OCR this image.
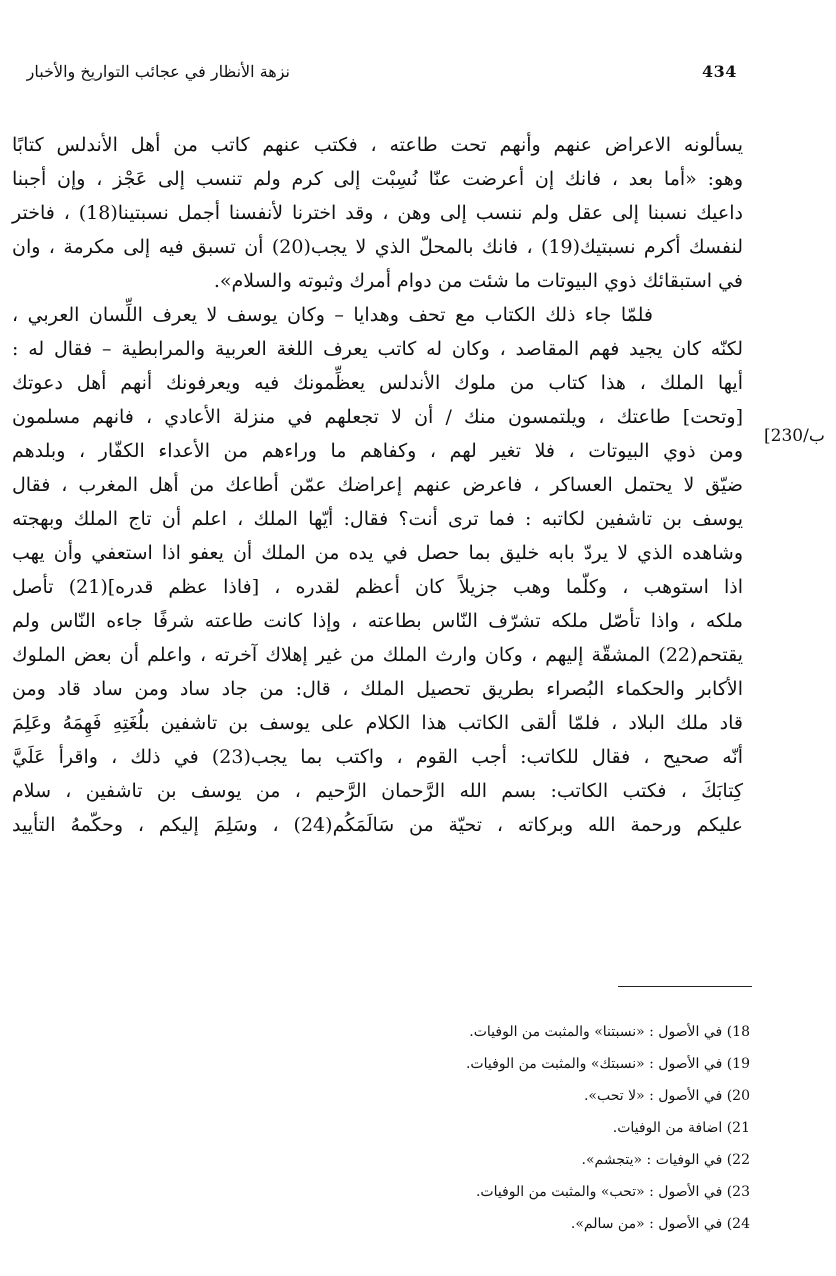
نزهة الأنظار في عجائب التواريخ والأخبار	434
[230/ب
يسألونه الاعراض عنهم وأنهم تحت طاعته ، فكتب عنهم كاتب من أهل الأندلس كتابًا
وهو: «أما بعد ، فانك إن أعرضت عنّا نُسِبْت إلى كرم ولم تنسب إلى عَجْز ، وإن أجبنا
داعيك نسبنا إلى عقل ولم ننسب إلى وهن ، وقد اخترنا لأنفسنا أجمل نسبتينا(18) ، فاختر
لنفسك أكرم نسبتيك(19) ، فانك بالمحلّ الذي لا يجب(20) أن تسبق فيه إلى مكرمة ، وان
في استبقائك ذوي البيوتات ما شئت من دوام أمرك وثبوته والسلام».
فلمّا جاء ذلك الكتاب مع تحف وهدايا – وكان يوسف لا يعرف اللِّسان العربي ،
لكنّه كان يجيد فهم المقاصد ، وكان له كاتب يعرف اللغة العربية والمرابطية – فقال له :
أيها الملك ، هذا كتاب من ملوك الأندلس يعظِّمونك فيه ويعرفونك أنهم أهل دعوتك
[وتحت] طاعتك ، ويلتمسون منك / أن لا تجعلهم في منزلة الأعادي ، فانهم مسلمون
ومن ذوي البيوتات ، فلا تغير لهم ، وكفاهم ما وراءهم من الأعداء الكفّار ، وبلدهم
ضيّق لا يحتمل العساكر ، فاعرض عنهم إعراضك عمّن أطاعك من أهل المغرب ، فقال
يوسف بن تاشفين لكاتبه : فما ترى أنت؟ فقال: أيّها الملك ، اعلم أن تاج الملك وبهجته
وشاهده الذي لا يردّ بابه خليق بما حصل في يده من الملك أن يعفو اذا استعفي وأن يهب
اذا استوهب ، وكلّما وهب جزيلاً كان أعظم لقدره ، [فاذا عظم قدره](21) تأصل
ملكه ، واذا تأصّل ملكه تشرّف النّاس بطاعته ، وإذا كانت طاعته شرفًا جاءه النّاس ولم
يقتحم(22) المشقّة إليهم ، وكان وارث الملك من غير إهلاك آخرته ، واعلم أن بعض الملوك
الأكابر والحكماء البُصراء بطريق تحصيل الملك ، قال: من جاد ساد ومن ساد قاد ومن
قاد ملك البلاد ، فلمّا ألقى الكاتب هذا الكلام على يوسف بن تاشفين بلُغَتِهِ فَهِمَهُ وعَلِمَ
أنّه صحيح ، فقال للكاتب: أجب القوم ، واكتب بما يجب(23) في ذلك ، واقرأ عَلَيَّ
كِتابَكَ ، فكتب الكاتب: بسم الله الرَّحمان الرَّحيم ، من يوسف بن تاشفين ، سلام
عليكم ورحمة الله وبركاته ، تحيّة من سَالَمَكُم(24) ، وسَلِمَ إليكم ، وحكّمهُ التأييد
18) في الأصول : «نسبتنا» والمثبت من الوفيات.
19) في الأصول : «نسبتك» والمثبت من الوفيات.
20) في الأصول : «لا تحب».
21) اضافة من الوفيات.
22) في الوفيات : «يتجشم».
23) في الأصول : «تحب» والمثبت من الوفيات.
24) في الأصول : «من سالم».
